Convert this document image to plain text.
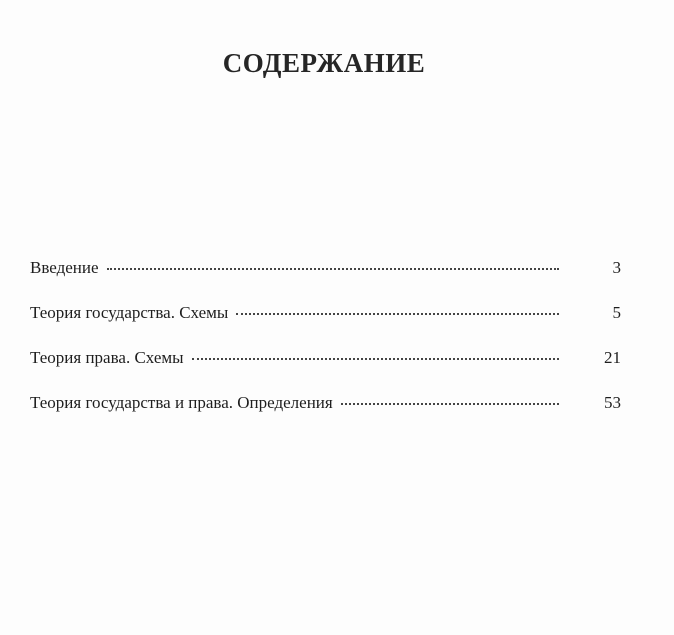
СОДЕРЖАНИЕ
Введение	3
Теория государства. Схемы	5
Теория права. Схемы	21
Теория государства и права. Определения	53
